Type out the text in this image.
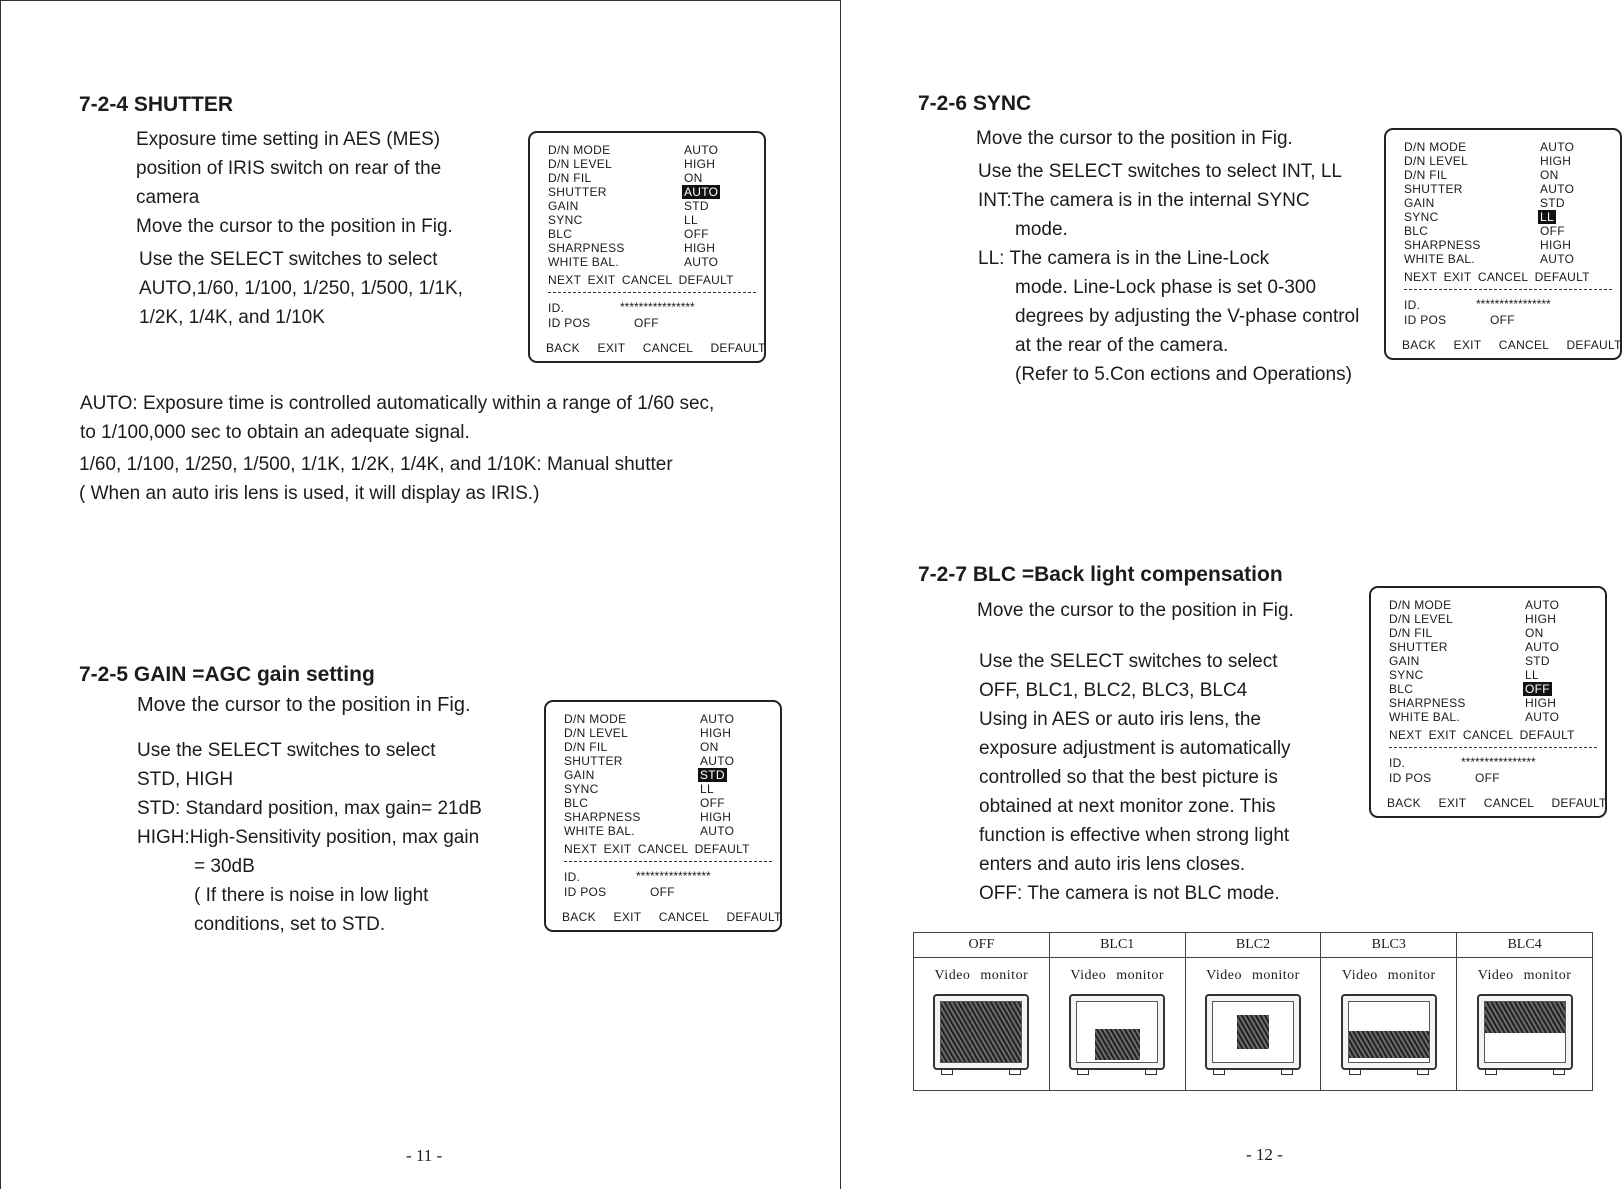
7-2-4 SHUTTER
Exposure time setting in AES (MES)
position of IRIS switch on rear of the
camera
Move the cursor to the position in Fig.
Use the SELECT switches to select
AUTO,1/60, 1/100, 1/250, 1/500, 1/1K,
1/2K, 1/4K, and 1/10K
D/N MODE	AUTO
D/N LEVEL	HIGH
D/N FIL	ON
SHUTTER	AUTO
GAIN	STD
SYNC	LL
BLC	OFF
SHARPNESS	HIGH
WHITE BAL.	AUTO
NEXT EXIT CANCEL DEFAULT
ID.	****************
ID POS	OFF
BACK EXIT CANCEL DEFAULT
AUTO: Exposure time is controlled automatically within a range of 1/60 sec,
to 1/100,000 sec to obtain an adequate signal.
1/60, 1/100, 1/250, 1/500, 1/1K, 1/2K, 1/4K, and 1/10K: Manual shutter
( When an auto iris lens is used, it will display as IRIS.)
7-2-5 GAIN =AGC gain setting
Move the cursor to the position in Fig.
Use the SELECT switches to select
STD, HIGH
STD: Standard position, max gain= 21dB
HIGH:High-Sensitivity position, max gain
= 30dB
( If there is noise in low light
conditions, set to STD.
D/N MODE	AUTO
D/N LEVEL	HIGH
D/N FIL	ON
SHUTTER	AUTO
GAIN	STD
SYNC	LL
BLC	OFF
SHARPNESS	HIGH
WHITE BAL.	AUTO
NEXT EXIT CANCEL DEFAULT
ID.	****************
ID POS	OFF
BACK EXIT CANCEL DEFAULT
- 11 -
7-2-6 SYNC
Move the cursor to the position in Fig.
Use the SELECT switches to select INT, LL
INT:The camera is in the internal SYNC
mode.
LL: The camera is in the Line-Lock
mode. Line-Lock phase is set 0-300
degrees by adjusting the V-phase control
at the rear of the camera.
(Refer to 5.Con ections and Operations)
D/N MODE	AUTO
D/N LEVEL	HIGH
D/N FIL	ON
SHUTTER	AUTO
GAIN	STD
SYNC	LL
BLC	OFF
SHARPNESS	HIGH
WHITE BAL.	AUTO
NEXT EXIT CANCEL DEFAULT
ID.	****************
ID POS	OFF
BACK EXIT CANCEL DEFAULT
7-2-7 BLC =Back light compensation
Move the cursor to the position in Fig.
Use the SELECT switches to select
OFF, BLC1, BLC2, BLC3, BLC4
Using in AES or auto iris lens, the
exposure adjustment is automatically
controlled so that the best picture is
obtained at next monitor zone. This
function is effective when strong light
enters and auto iris lens closes.
OFF: The camera is not BLC mode.
D/N MODE	AUTO
D/N LEVEL	HIGH
D/N FIL	ON
SHUTTER	AUTO
GAIN	STD
SYNC	LL
BLC	OFF
SHARPNESS	HIGH
WHITE BAL.	AUTO
NEXT EXIT CANCEL DEFAULT
ID.	****************
ID POS	OFF
BACK EXIT CANCEL DEFAULT
- 12 -
OFF	BLC1	BLC2	BLC3	BLC4

Video monitor	Video monitor	Video monitor	Video monitor	Video monitor
